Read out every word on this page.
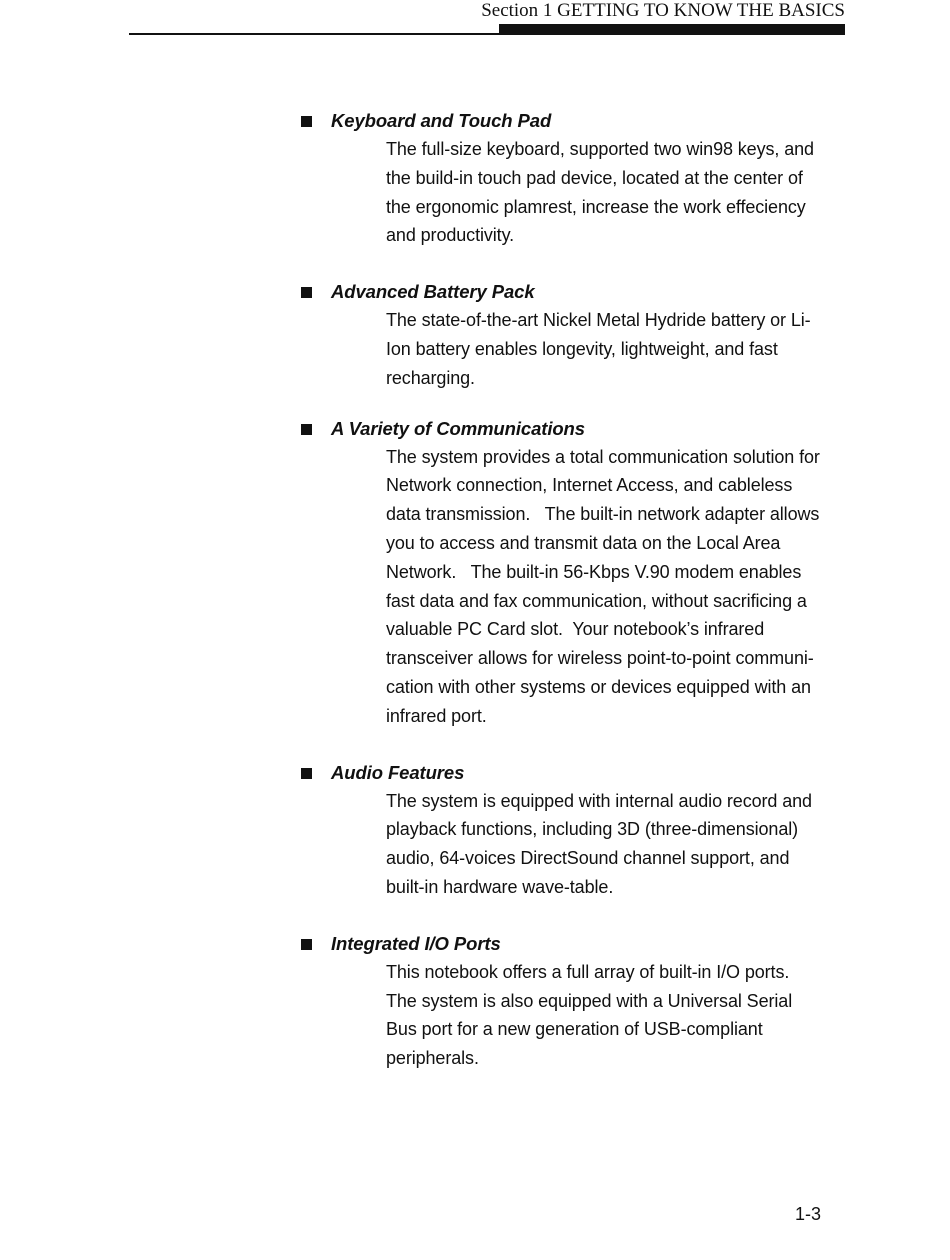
Section 1 GETTING TO KNOW THE BASICS
Keyboard and Touch Pad

The full-size keyboard, supported two win98 keys, and

the build-in touch pad device, located at the center of

the ergonomic plamrest, increase the work effeciency

and productivity.

Advanced Battery Pack

The state-of-the-art Nickel Metal Hydride battery or Li-

Ion battery enables longevity, lightweight, and fast

recharging.

A Variety of Communications

The system provides a total communication solution for

Network connection, Internet Access, and cableless

data transmission.   The built-in network adapter allows

you to access and transmit data on the Local Area

Network.   The built-in 56-Kbps V.90 modem enables

fast data and fax communication, without sacrificing a

valuable PC Card slot.  Your notebook’s infrared

transceiver allows for wireless point-to-point communi-

cation with other systems or devices equipped with an

infrared port.

Audio Features

The system is equipped with internal audio record and

playback functions, including 3D (three-dimensional)

audio, 64-voices DirectSound channel support, and

built-in hardware wave-table.

Integrated I/O Ports

This notebook offers a full array of built-in I/O ports.

The system is also equipped with a Universal Serial

Bus port for a new generation of USB-compliant

peripherals.

1-3
